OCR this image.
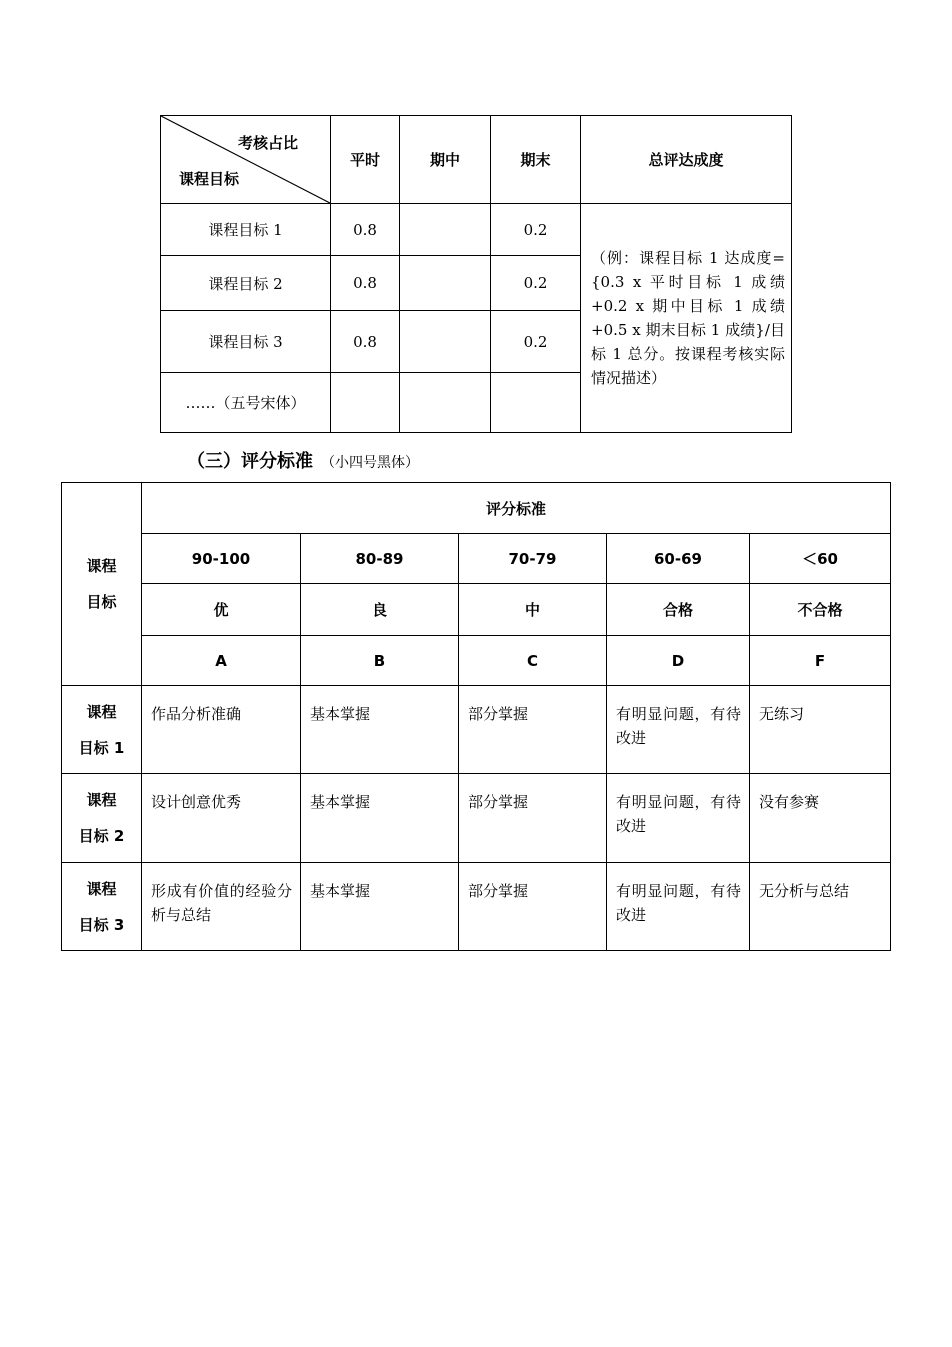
考核占比
课程目标	平时	期中	期末	总评达成度
课程目标 1	0.8		0.2	（例：课程目标 1 达成度={0.3 x 平时目标 1 成绩+0.2 x 期中目标 1 成绩+0.5 x 期末目标 1 成绩}/目标 1 总分。按课程考核实际情况描述）
课程目标 2	0.8		0.2	
课程目标 3	0.8		0.2	
……（五号宋体）				
（三）评分标准 （小四号黑体）
课程
目标	评分标准				
	90-100	80-89	70-79	60-69	＜60
	优	良	中	合格	不合格
	A	B	C	D	F

课程
目标 1	作品分析准确	基本掌握	部分掌握	有明显问题，有待改进	无练习

课程
目标 2	设计创意优秀	基本掌握	部分掌握	有明显问题，有待改进	没有参赛

课程
目标 3	形成有价值的经验分析与总结	基本掌握	部分掌握	有明显问题，有待改进	无分析与总结
